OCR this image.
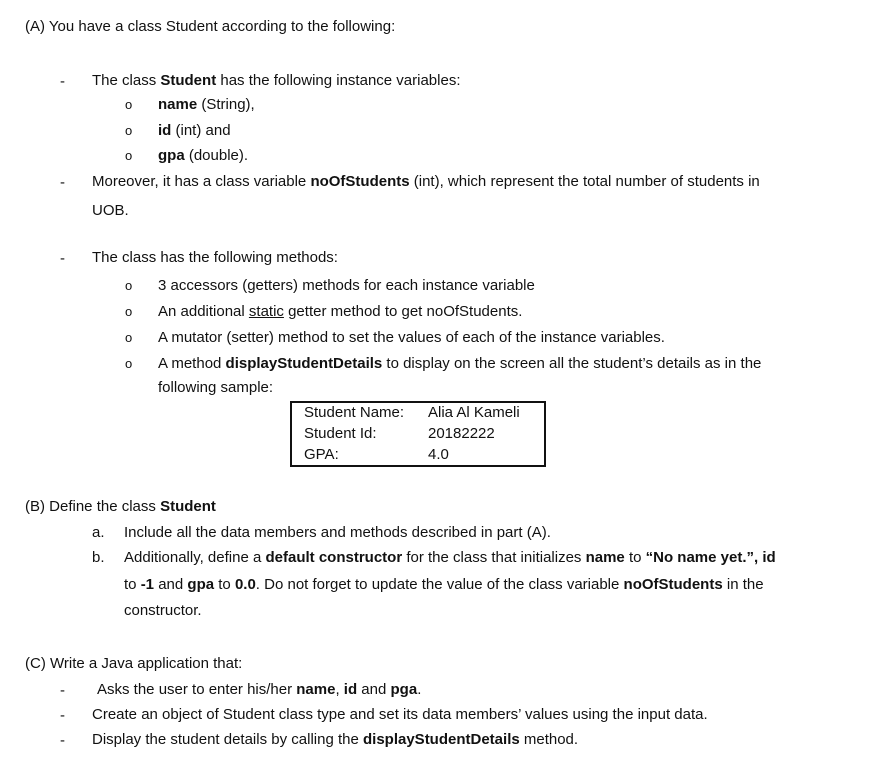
(A) You have a class Student according to the following:
- The class Student has the following instance variables:
o name (String),
o id (int) and
o gpa (double).
- Moreover, it has a class variable noOfStudents (int), which represent the total number of students in
UOB.
- The class has the following methods:
o 3 accessors (getters) methods for each instance variable
o An additional static getter method to get noOfStudents.
o A mutator (setter) method to set the values of each of the instance variables.
o A method displayStudentDetails to display on the screen all the student’s details as in the
following sample:
Student Name: Alia Al Kameli
Student Id:	20182222
GPA:	4.0
(B) Define the class Student
a. Include all the data members and methods described in part (A).
b. Additionally, define a default constructor for the class that initializes name to “No name yet.”, id
to -1 and gpa to 0.0. Do not forget to update the value of the class variable noOfStudents in the
constructor.
(C) Write a Java application that:
- Asks the user to enter his/her name, id and pga.
- Create an object of Student class type and set its data members’ values using the input data.
- Display the student details by calling the displayStudentDetails method.
